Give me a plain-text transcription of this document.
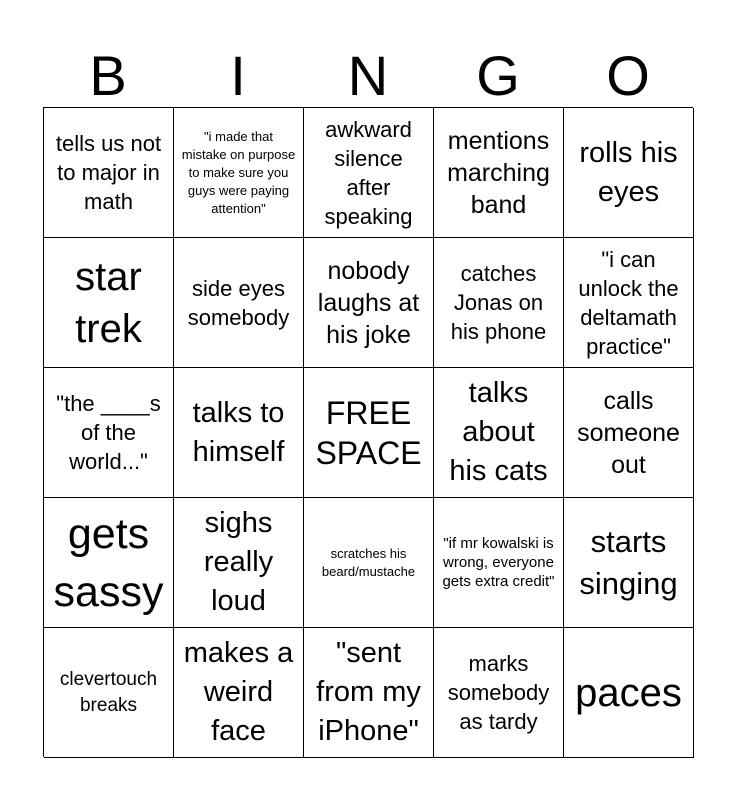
B	I	N	G	O
tells us not to major in math
"i made that mistake on purpose to make sure you guys were paying attention"
awkward silence after speaking
mentions marching band
rolls his eyes
star trek
side eyes somebody
nobody laughs at his joke
catches Jonas on his phone
"i can unlock the deltamath practice"
"the ____s of the world..."
talks to himself
FREE SPACE
talks about his cats
calls someone out
gets sassy
sighs really loud
scratches his beard/mustache
"if mr kowalski is wrong, everyone gets extra credit"
starts singing
clevertouch breaks
makes a weird face
"sent from my iPhone"
marks somebody as tardy
paces
